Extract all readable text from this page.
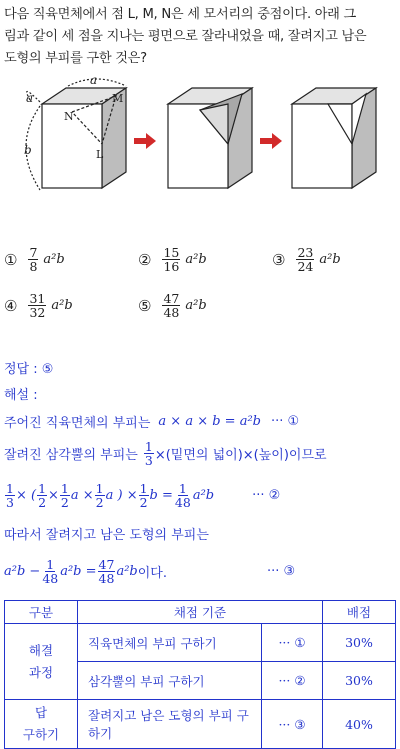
다음 직육면체에서 점 L, M, N은 세 모서리의 중점이다. 아래 그
림과 같이 세 점을 지나는 평면으로 잘라내었을 때, 잘려지고 남은
도형의 부피를 구한 것은?
a
a
b
M
N
L
① $\frac{7}{8} a^2b$	② $\frac{15}{16} a^2b$	③ $\frac{23}{24} a^2b$
④ $\frac{31}{32} a^2b$	⑤ $\frac{47}{48} a^2b$
정답 : ⑤
해설 :
주어진 직육면체의 부피는 a × a × b = a²b ··· ①
잘려진 삼각뿔의 부피는 $\frac{1}{3}$ ×(밑면의 넓이)×(높이)이므로
$\frac{1}{3}$ × ( $\frac{1}{2} \times \frac{1}{2}$ $a \times \frac{1}{2}$ a ) × $\frac{1}{2}$ $b = \frac{1}{48} a^2b$	··· ②
따라서 잘려지고 남은 도형의 부피는
$a^2b - \frac{1}{48} a^2b = \frac{47}{48} a^2b$ 이다.	··· ③
구분	채점 기준		배점
해결
과정	직육면체의 부피 구하기	··· ①	30%
	삼각뿔의 부피 구하기	··· ②	30%
답
구하기	잘려지고 남은 도형의 부피 구하기	··· ③	40%
